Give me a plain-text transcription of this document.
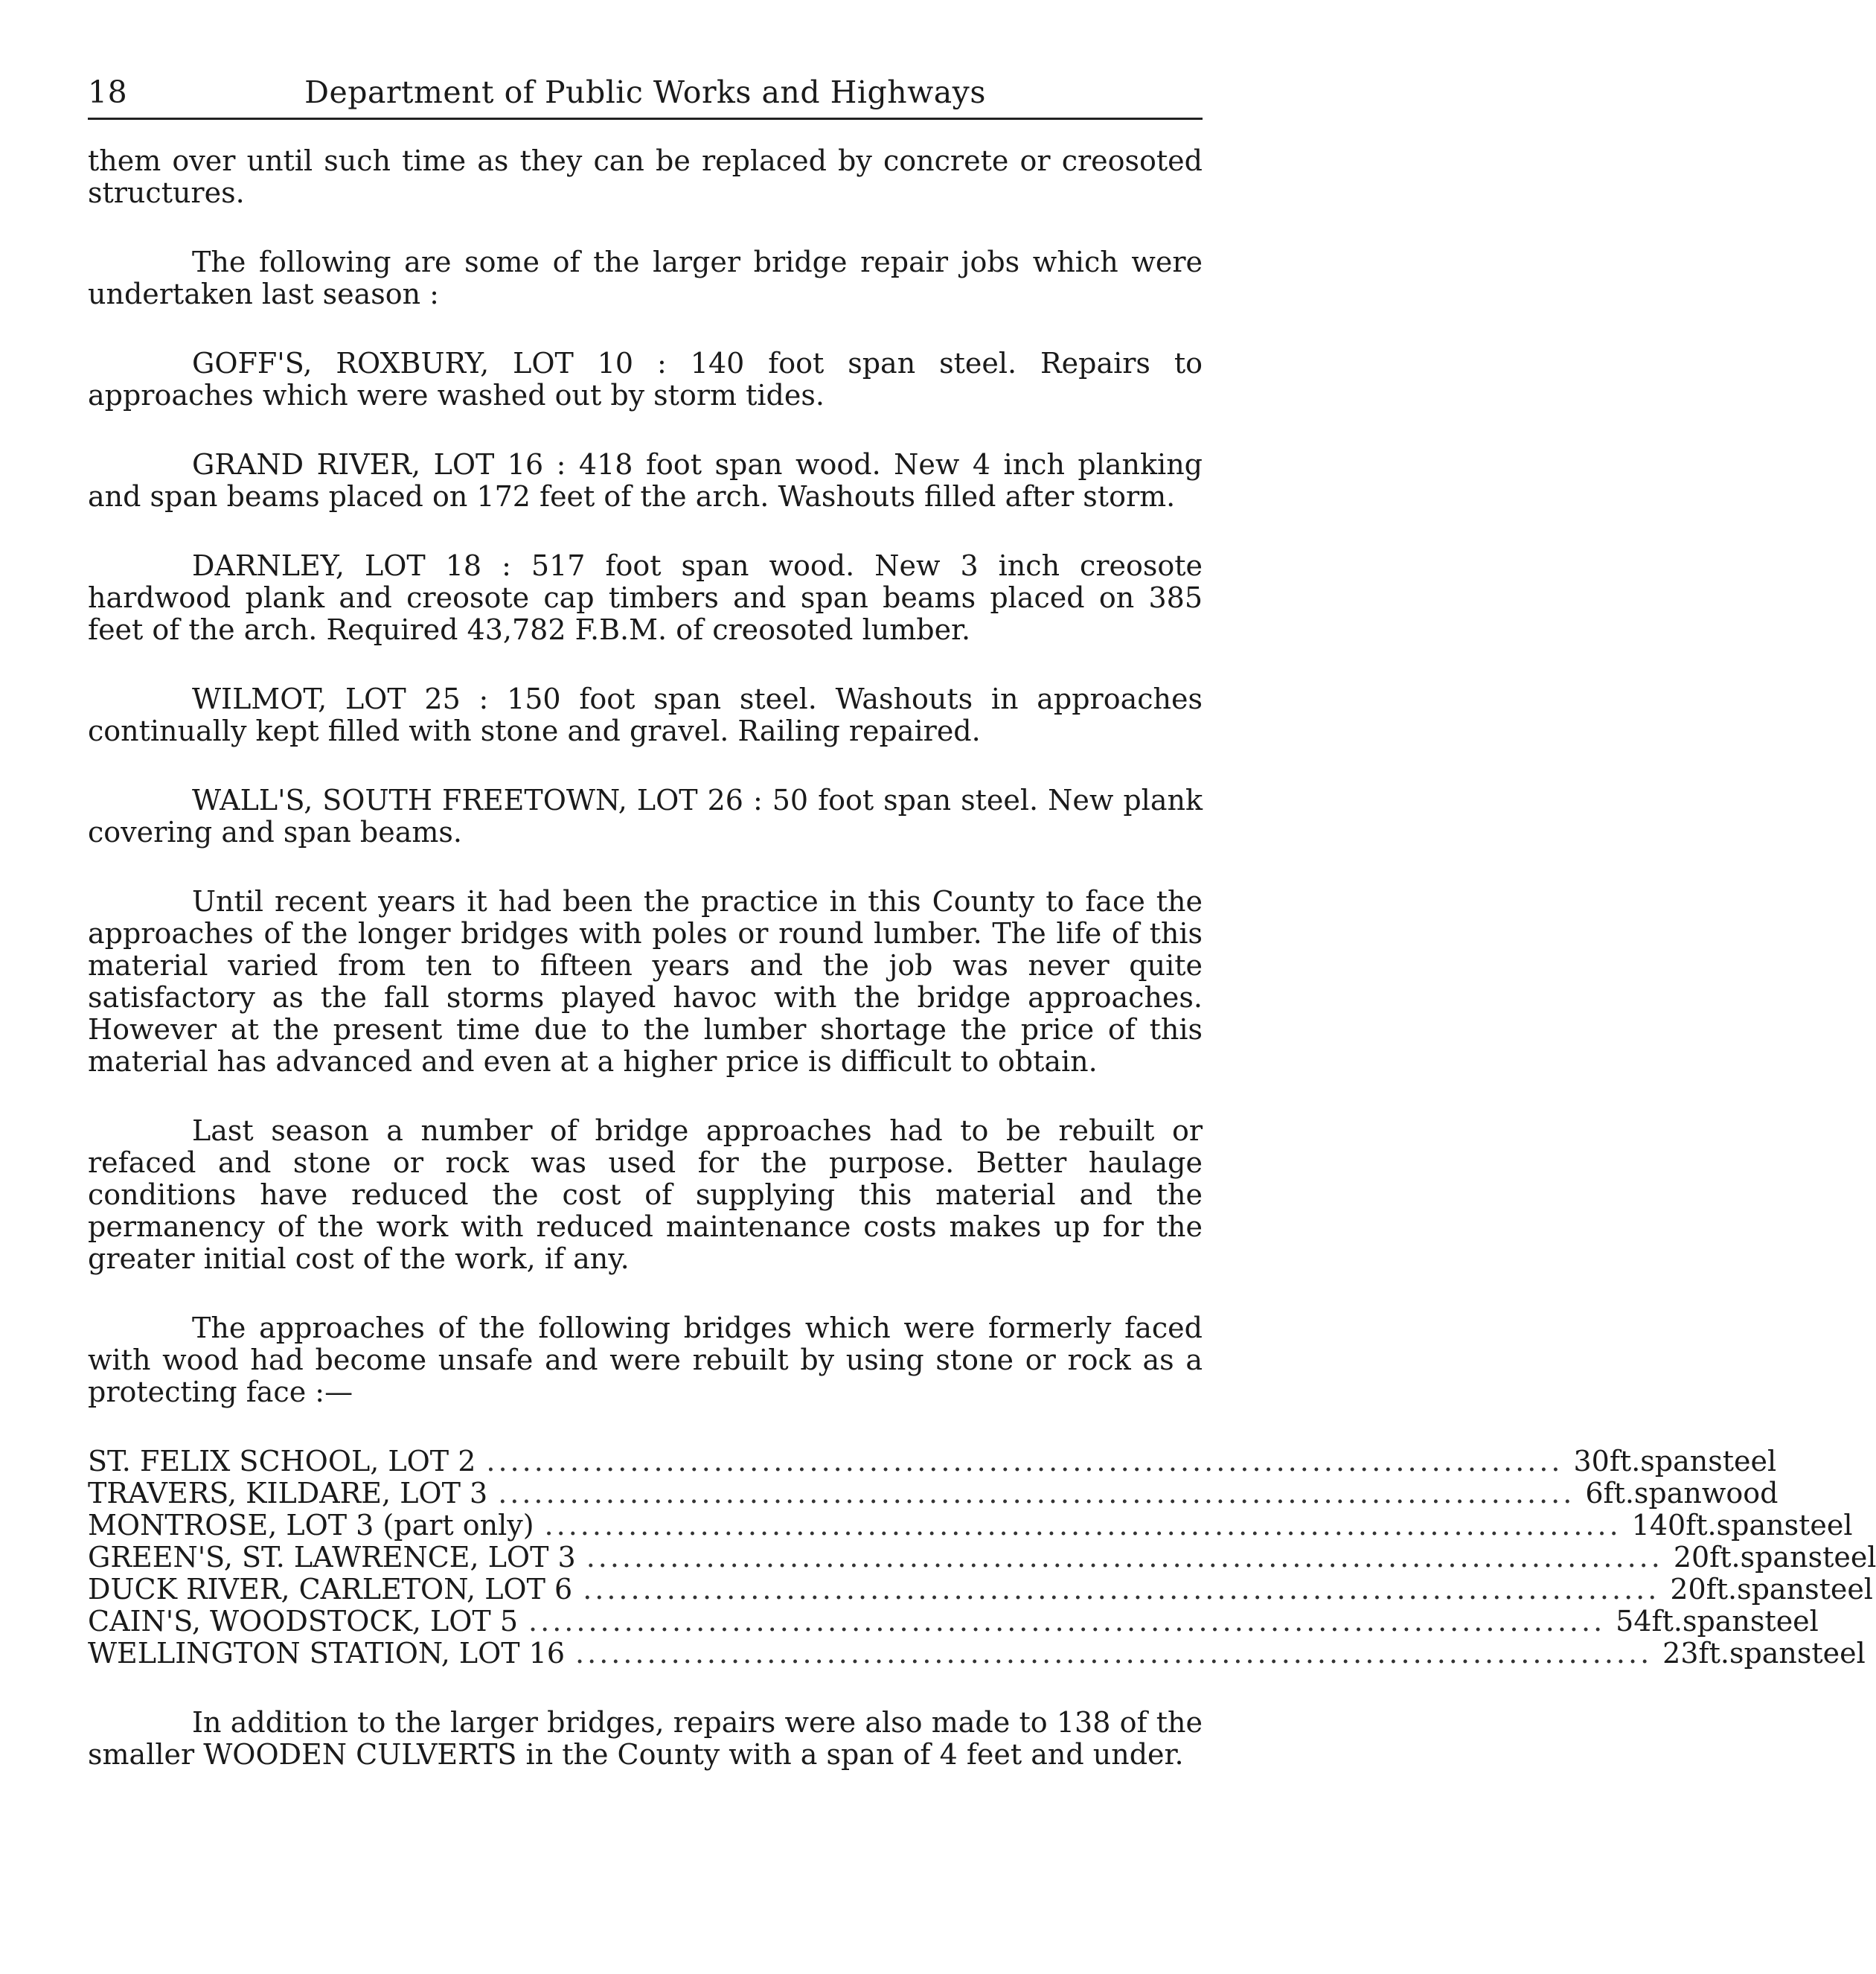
18	Department of Public Works and Highways

them over until such time as they can be replaced by concrete or creosoted structures.

The following are some of the larger bridge repair jobs which were undertaken last season :

GOFF'S, ROXBURY, LOT 10 : 140 foot span steel. Repairs to approaches which were washed out by storm tides.

GRAND RIVER, LOT 16 : 418 foot span wood. New 4 inch planking and span beams placed on 172 feet of the arch. Washouts filled after storm.

DARNLEY, LOT 18 : 517 foot span wood. New 3 inch creosote hardwood plank and creosote cap timbers and span beams placed on 385 feet of the arch. Required 43,782 F.B.M. of creosoted lumber.

WILMOT, LOT 25 : 150 foot span steel. Washouts in approaches continually kept filled with stone and gravel. Railing repaired.

WALL'S, SOUTH FREETOWN, LOT 26 : 50 foot span steel. New plank covering and span beams.

Until recent years it had been the practice in this County to face the approaches of the longer bridges with poles or round lumber. The life of this material varied from ten to fifteen years and the job was never quite satisfactory as the fall storms played havoc with the bridge approaches. However at the present time due to the lumber shortage the price of this material has advanced and even at a higher price is difficult to obtain.

Last season a number of bridge approaches had to be rebuilt or refaced and stone or rock was used for the purpose. Better haulage conditions have reduced the cost of supplying this material and the permanency of the work with reduced maintenance costs makes up for the greater initial cost of the work, if any.

The approaches of the following bridges which were formerly faced with wood had become unsafe and were rebuilt by using stone or rock as a protecting face :—

ST. FELIX SCHOOL, LOT 2 .......................................................................................... 30 ft. span steel
TRAVERS, KILDARE, LOT 3 .......................................................................................... 6 ft. span wood
MONTROSE, LOT 3 (part only) .......................................................................................... 140 ft. span steel
GREEN'S, ST. LAWRENCE, LOT 3 .......................................................................................... 20 ft. span steel
DUCK RIVER, CARLETON, LOT 6 .......................................................................................... 20 ft. span steel
CAIN'S, WOODSTOCK, LOT 5 .......................................................................................... 54 ft. span steel
WELLINGTON STATION, LOT 16 .......................................................................................... 23 ft. span steel

In addition to the larger bridges, repairs were also made to 138 of the smaller WOODEN CULVERTS in the County with a span of 4 feet and under.
